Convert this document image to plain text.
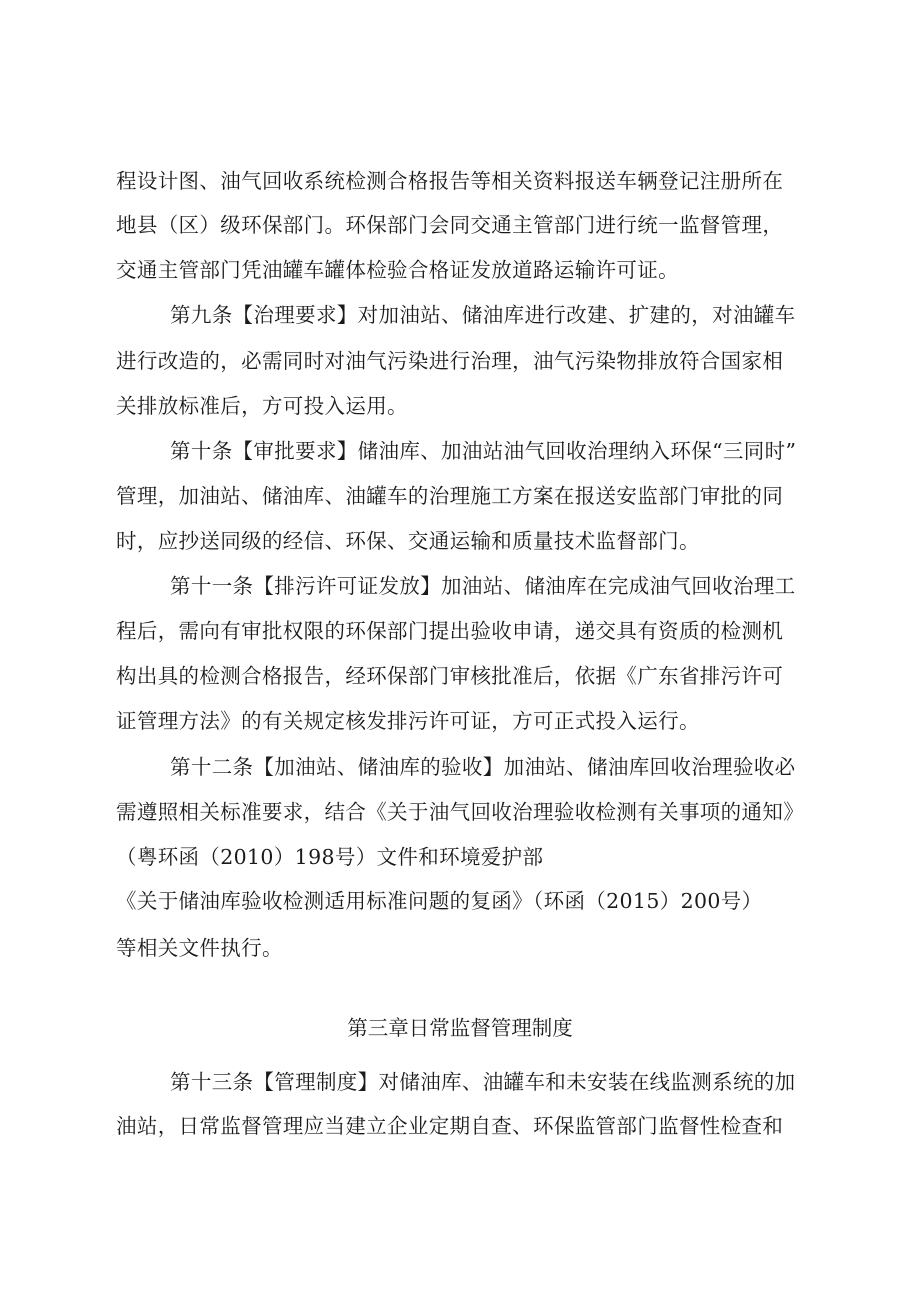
程设计图、油气回收系统检测合格报告等相关资料报送车辆登记注册所在
地县（区）级环保部门。环保部门会同交通主管部门进行统一监督管理，
交通主管部门凭油罐车罐体检验合格证发放道路运输许可证。
第九条【治理要求】对加油站、储油库进行改建、扩建的，对油罐车
进行改造的，必需同时对油气污染进行治理，油气污染物排放符合国家相
关排放标准后，方可投入运用。
第十条【审批要求】储油库、加油站油气回收治理纳入环保“三同时”
管理，加油站、储油库、油罐车的治理施工方案在报送安监部门审批的同
时，应抄送同级的经信、环保、交通运输和质量技术监督部门。
第十一条【排污许可证发放】加油站、储油库在完成油气回收治理工
程后，需向有审批权限的环保部门提出验收申请，递交具有资质的检测机
构出具的检测合格报告，经环保部门审核批准后，依据《广东省排污许可
证管理方法》的有关规定核发排污许可证，方可正式投入运行。
第十二条【加油站、储油库的验收】加油站、储油库回收治理验收必
需遵照相关标准要求，结合《关于油气回收治理验收检测有关事项的通知》
（粤环函（2010）198号）文件和环境爱护部
《关于储油库验收检测适用标准问题的复函》（环函（2015）200号）
等相关文件执行。
第三章日常监督管理制度
第十三条【管理制度】对储油库、油罐车和未安装在线监测系统的加
油站，日常监督管理应当建立企业定期自查、环保监管部门监督性检查和
